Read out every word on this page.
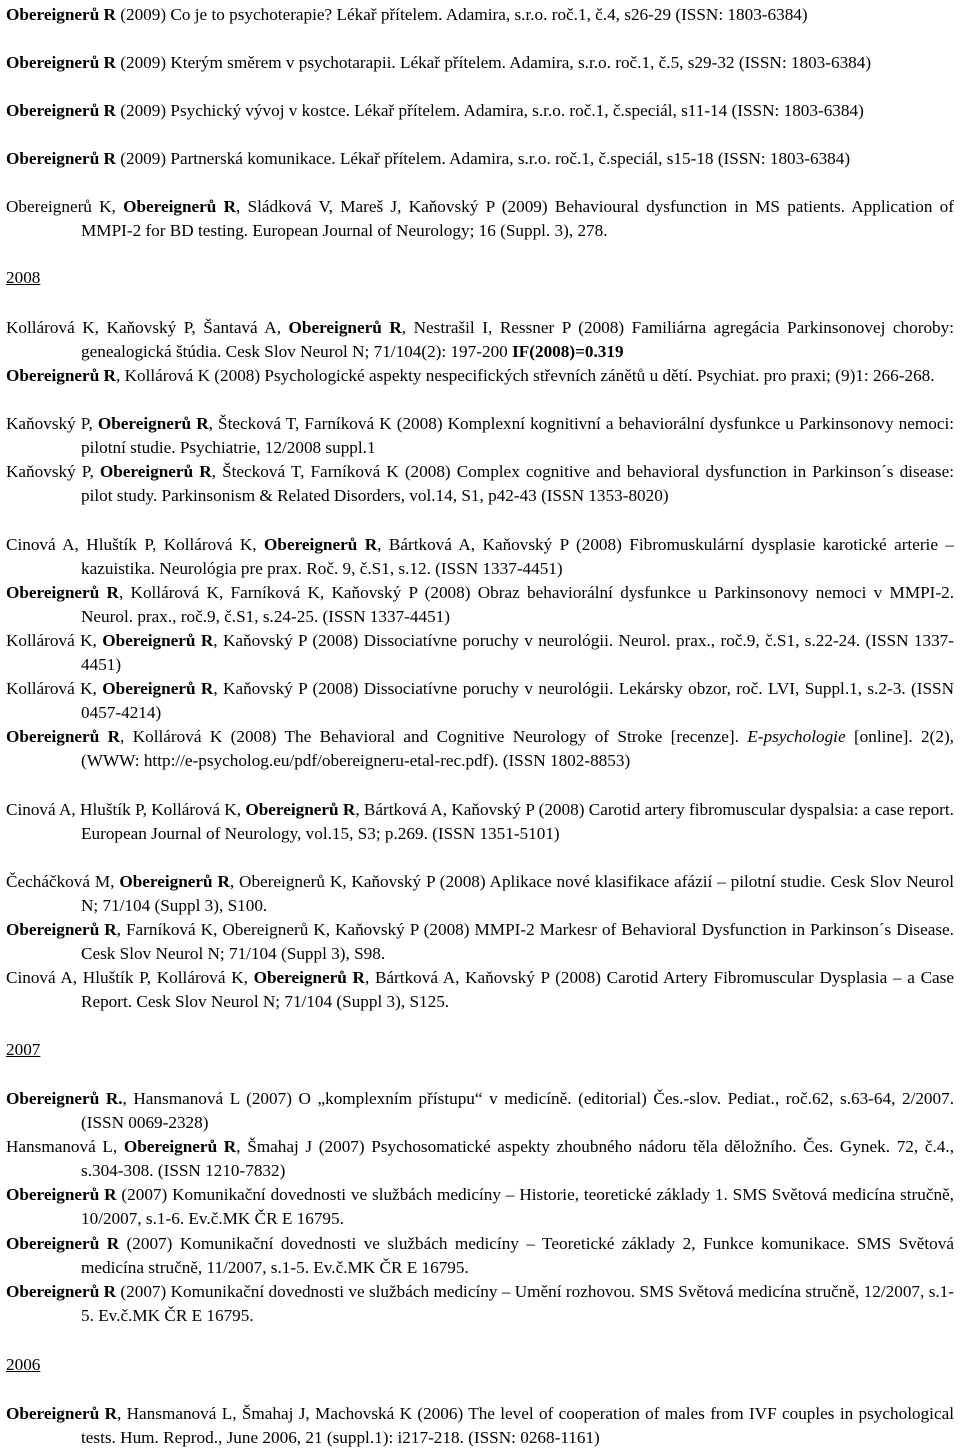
Obereignerů R (2009) Co je to psychoterapie? Lékař přítelem. Adamira, s.r.o. roč.1, č.4, s26-29 (ISSN: 1803-6384)

Obereignerů R (2009) Kterým směrem v psychotarapii. Lékař přítelem. Adamira, s.r.o. roč.1, č.5, s29-32 (ISSN: 1803-6384)

Obereignerů R (2009) Psychický vývoj v kostce. Lékař přítelem. Adamira, s.r.o. roč.1, č.speciál, s11-14 (ISSN: 1803-6384)

Obereignerů R (2009) Partnerská komunikace. Lékař přítelem. Adamira, s.r.o. roč.1, č.speciál, s15-18 (ISSN: 1803-6384)

Obereignerů K, Obereignerů R, Sládková V, Mareš J, Kaňovský P (2009) Behavioural dysfunction in MS patients. Application of MMPI-2 for BD testing. European Journal of Neurology; 16 (Suppl. 3), 278.

2008

Kollárová K, Kaňovský P, Šantavá A, Obereignerů R, Nestrašil I, Ressner P (2008) Familiárna agregácia Parkinsonovej choroby: genealogická štúdia. Cesk Slov Neurol N; 71/104(2): 197-200 IF(2008)=0.319

Obereignerů R, Kollárová K (2008) Psychologické aspekty nespecifických střevních zánětů u dětí. Psychiat. pro praxi; (9)1: 266-268.

Kaňovský P, Obereignerů R, Štecková T, Farníková K (2008) Komplexní kognitivní a behaviorální dysfunkce u Parkinsonovy nemoci: pilotní studie. Psychiatrie, 12/2008 suppl.1

Kaňovský P, Obereignerů R, Štecková T, Farníková K (2008) Complex cognitive and behavioral dysfunction in Parkinson´s disease: pilot study. Parkinsonism & Related Disorders, vol.14, S1, p42-43 (ISSN 1353-8020)

Cinová A, Hluštík P, Kollárová K, Obereignerů R, Bártková A, Kaňovský P (2008) Fibromuskulární dysplasie karotické arterie – kazuistika. Neurológia pre prax. Roč. 9, č.S1, s.12. (ISSN 1337-4451)

Obereignerů R, Kollárová K, Farníková K, Kaňovský P (2008) Obraz behaviorální dysfunkce u Parkinsonovy nemoci v MMPI-2. Neurol. prax., roč.9, č.S1, s.24-25. (ISSN 1337-4451)

Kollárová K, Obereignerů R, Kaňovský P (2008) Dissociatívne poruchy v neurológii. Neurol. prax., roč.9, č.S1, s.22-24. (ISSN 1337-4451)

Kollárová K, Obereignerů R, Kaňovský P (2008) Dissociatívne poruchy v neurológii. Lekársky obzor, roč. LVI, Suppl.1, s.2-3. (ISSN 0457-4214)

Obereignerů R, Kollárová K (2008) The Behavioral and Cognitive Neurology of Stroke [recenze]. E-psychologie [online]. 2(2), (WWW: http://e-psycholog.eu/pdf/obereigneru-etal-rec.pdf). (ISSN 1802-8853)

Cinová A, Hluštík P, Kollárová K, Obereignerů R, Bártková A, Kaňovský P (2008) Carotid artery fibromuscular dyspalsia: a case report. European Journal of Neurology, vol.15, S3; p.269. (ISSN 1351-5101)

Čecháčková M, Obereignerů R, Obereignerů K, Kaňovský P (2008) Aplikace nové klasifikace afázií – pilotní studie. Cesk Slov Neurol N; 71/104 (Suppl 3), S100.

Obereignerů R, Farníková K, Obereignerů K, Kaňovský P (2008) MMPI-2 Markesr of Behavioral Dysfunction in Parkinson´s Disease. Cesk Slov Neurol N; 71/104 (Suppl 3), S98.

Cinová A, Hluštík P, Kollárová K, Obereignerů R, Bártková A, Kaňovský P (2008) Carotid Artery Fibromuscular Dysplasia – a Case Report. Cesk Slov Neurol N; 71/104 (Suppl 3), S125.

2007

Obereignerů R., Hansmanová L (2007) O „komplexním přístupu“ v medicíně. (editorial) Čes.-slov. Pediat., roč.62, s.63-64, 2/2007. (ISSN 0069-2328)

Hansmanová L, Obereignerů R, Šmahaj J (2007) Psychosomatické aspekty zhoubného nádoru těla děložního. Čes. Gynek. 72, č.4., s.304-308. (ISSN 1210-7832)

Obereignerů R (2007) Komunikační dovednosti ve službách medicíny – Historie, teoretické základy 1. SMS Světová medicína stručně, 10/2007, s.1-6. Ev.č.MK ČR E 16795.

Obereignerů R (2007) Komunikační dovednosti ve službách medicíny – Teoretické základy 2, Funkce komunikace. SMS Světová medicína stručně, 11/2007, s.1-5. Ev.č.MK ČR E 16795.

Obereignerů R (2007) Komunikační dovednosti ve službách medicíny – Umění rozhovou. SMS Světová medicína stručně, 12/2007, s.1-5. Ev.č.MK ČR E 16795.

2006

Obereignerů R, Hansmanová L, Šmahaj J, Machovská K (2006) The level of cooperation of males from IVF couples in psychological tests. Hum. Reprod., June 2006, 21 (suppl.1): i217-218. (ISSN: 0268-1161)
